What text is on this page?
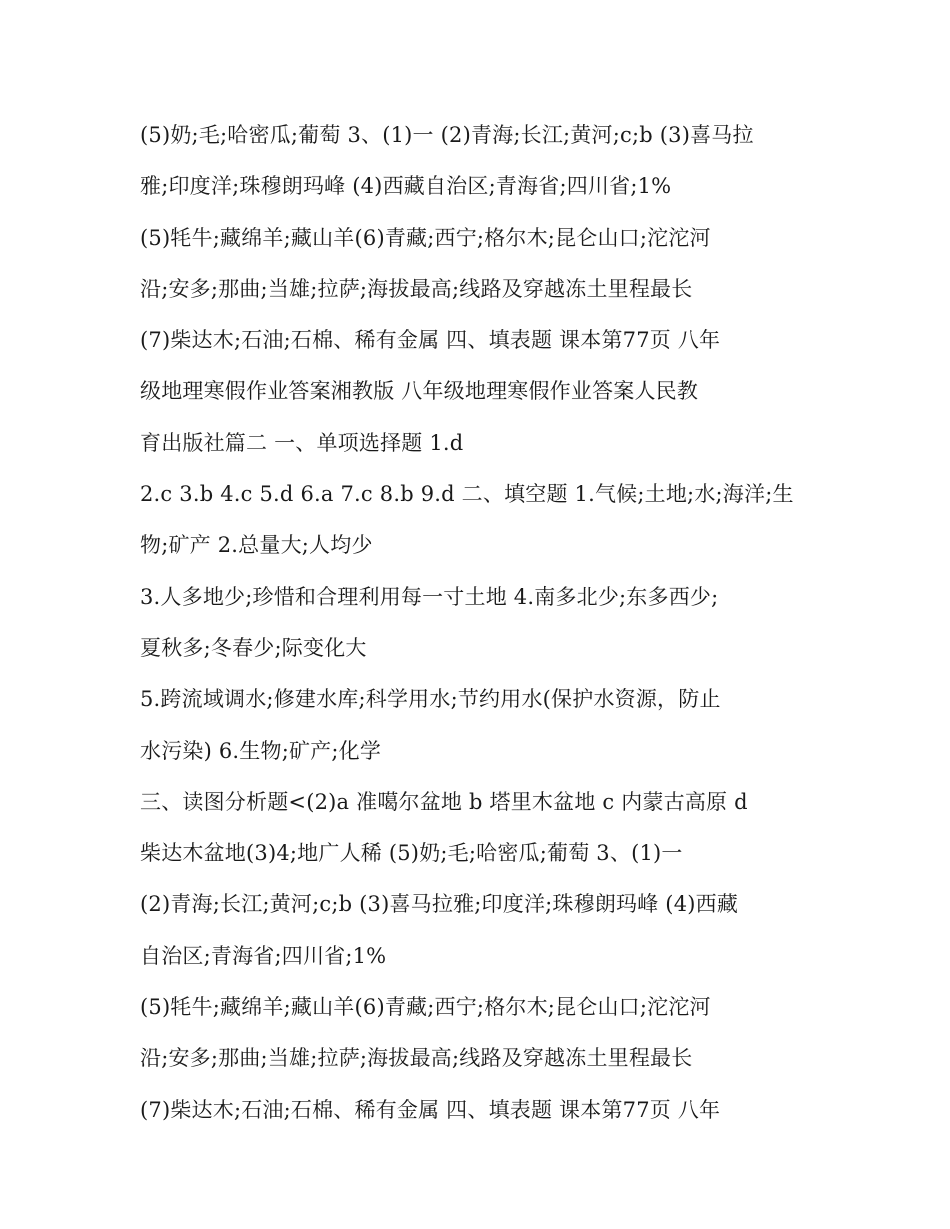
(5)奶;毛;哈密瓜;葡萄 3、(1)一 (2)青海;长江;黄河;c;b (3)喜马拉
雅;印度洋;珠穆朗玛峰 (4)西藏自治区;青海省;四川省;1%
(5)牦牛;藏绵羊;藏山羊(6)青藏;西宁;格尔木;昆仑山口;沱沱河
沿;安多;那曲;当雄;拉萨;海拔最高;线路及穿越冻土里程最长
(7)柴达木;石油;石棉、稀有金属 四、填表题 课本第77页 八年
级地理寒假作业答案湘教版 八年级地理寒假作业答案人民教
育出版社篇二 一、单项选择题 1.d
2.c 3.b 4.c 5.d 6.a 7.c 8.b 9.d 二、填空题 1.气候;土地;水;海洋;生
物;矿产 2.总量大;人均少
3.人多地少;珍惜和合理利用每一寸土地 4.南多北少;东多西少;
夏秋多;冬春少;际变化大
5.跨流域调水;修建水库;科学用水;节约用水(保护水资源，防止
水污染) 6.生物;矿产;化学
三、读图分析题<(2)a 准噶尔盆地 b 塔里木盆地 c 内蒙古高原 d
柴达木盆地(3)4;地广人稀 (5)奶;毛;哈密瓜;葡萄 3、(1)一
(2)青海;长江;黄河;c;b (3)喜马拉雅;印度洋;珠穆朗玛峰 (4)西藏
自治区;青海省;四川省;1%
(5)牦牛;藏绵羊;藏山羊(6)青藏;西宁;格尔木;昆仑山口;沱沱河
沿;安多;那曲;当雄;拉萨;海拔最高;线路及穿越冻土里程最长
(7)柴达木;石油;石棉、稀有金属 四、填表题 课本第77页 八年
